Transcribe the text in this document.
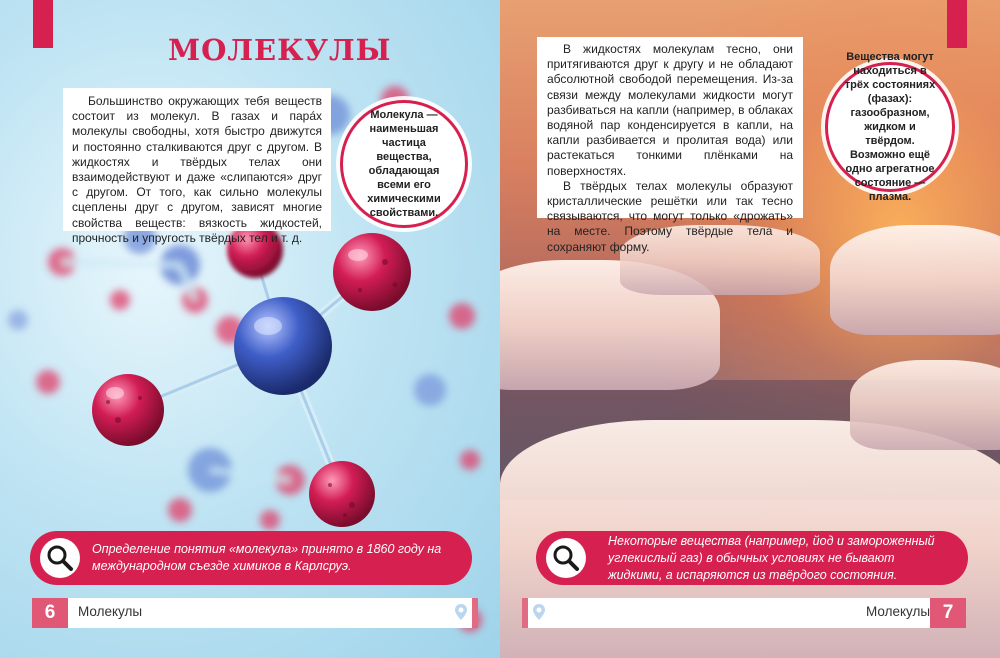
МОЛЕКУЛЫ

Большинство окружающих тебя веществ состоит из молекул. В газах и пара́х молекулы свободны, хотя быстро движутся и постоянно сталкиваются друг с другом. В жидкостях и твёрдых телах они взаимодействуют и даже «слипаются» друг с другом. От того, как сильно молекулы сцеплены друг с другом, зависят многие свойства веществ: вязкость жидкостей, прочность и упругость твёрдых тел и т. д.

Молекула — наименьшая частица вещества, обладающая всеми его химическими свойствами.
Определение понятия «молекула» принято в 1860 году на международном съезде химиков в Карлсруэ.
6	Молекулы

В жидкостях молекулам тесно, они притягиваются друг к другу и не обладают абсолютной свободой перемещения. Из-за связи между молекулами жидкости могут разбиваться на капли (например, в облаках водяной пар конденсируется в капли, на капли разбивается и пролитая вода) или растекаться тонкими плёнками на поверхностях.

В твёрдых телах молекулы образуют кристаллические решётки или так тесно связываются, что могут только «дрожать» на месте. Поэтому твёрдые тела и сохраняют форму.

Вещества могут находиться в трёх состояниях (фазах): газообразном, жидком и твёрдом. Возможно ещё одно агрегатное состояние — плазма.
Некоторые вещества (например, йод и замороженный углекислый газ) в обычных условиях не бывают жидкими, а испаряются из твёрдого состояния.
Молекулы 7
